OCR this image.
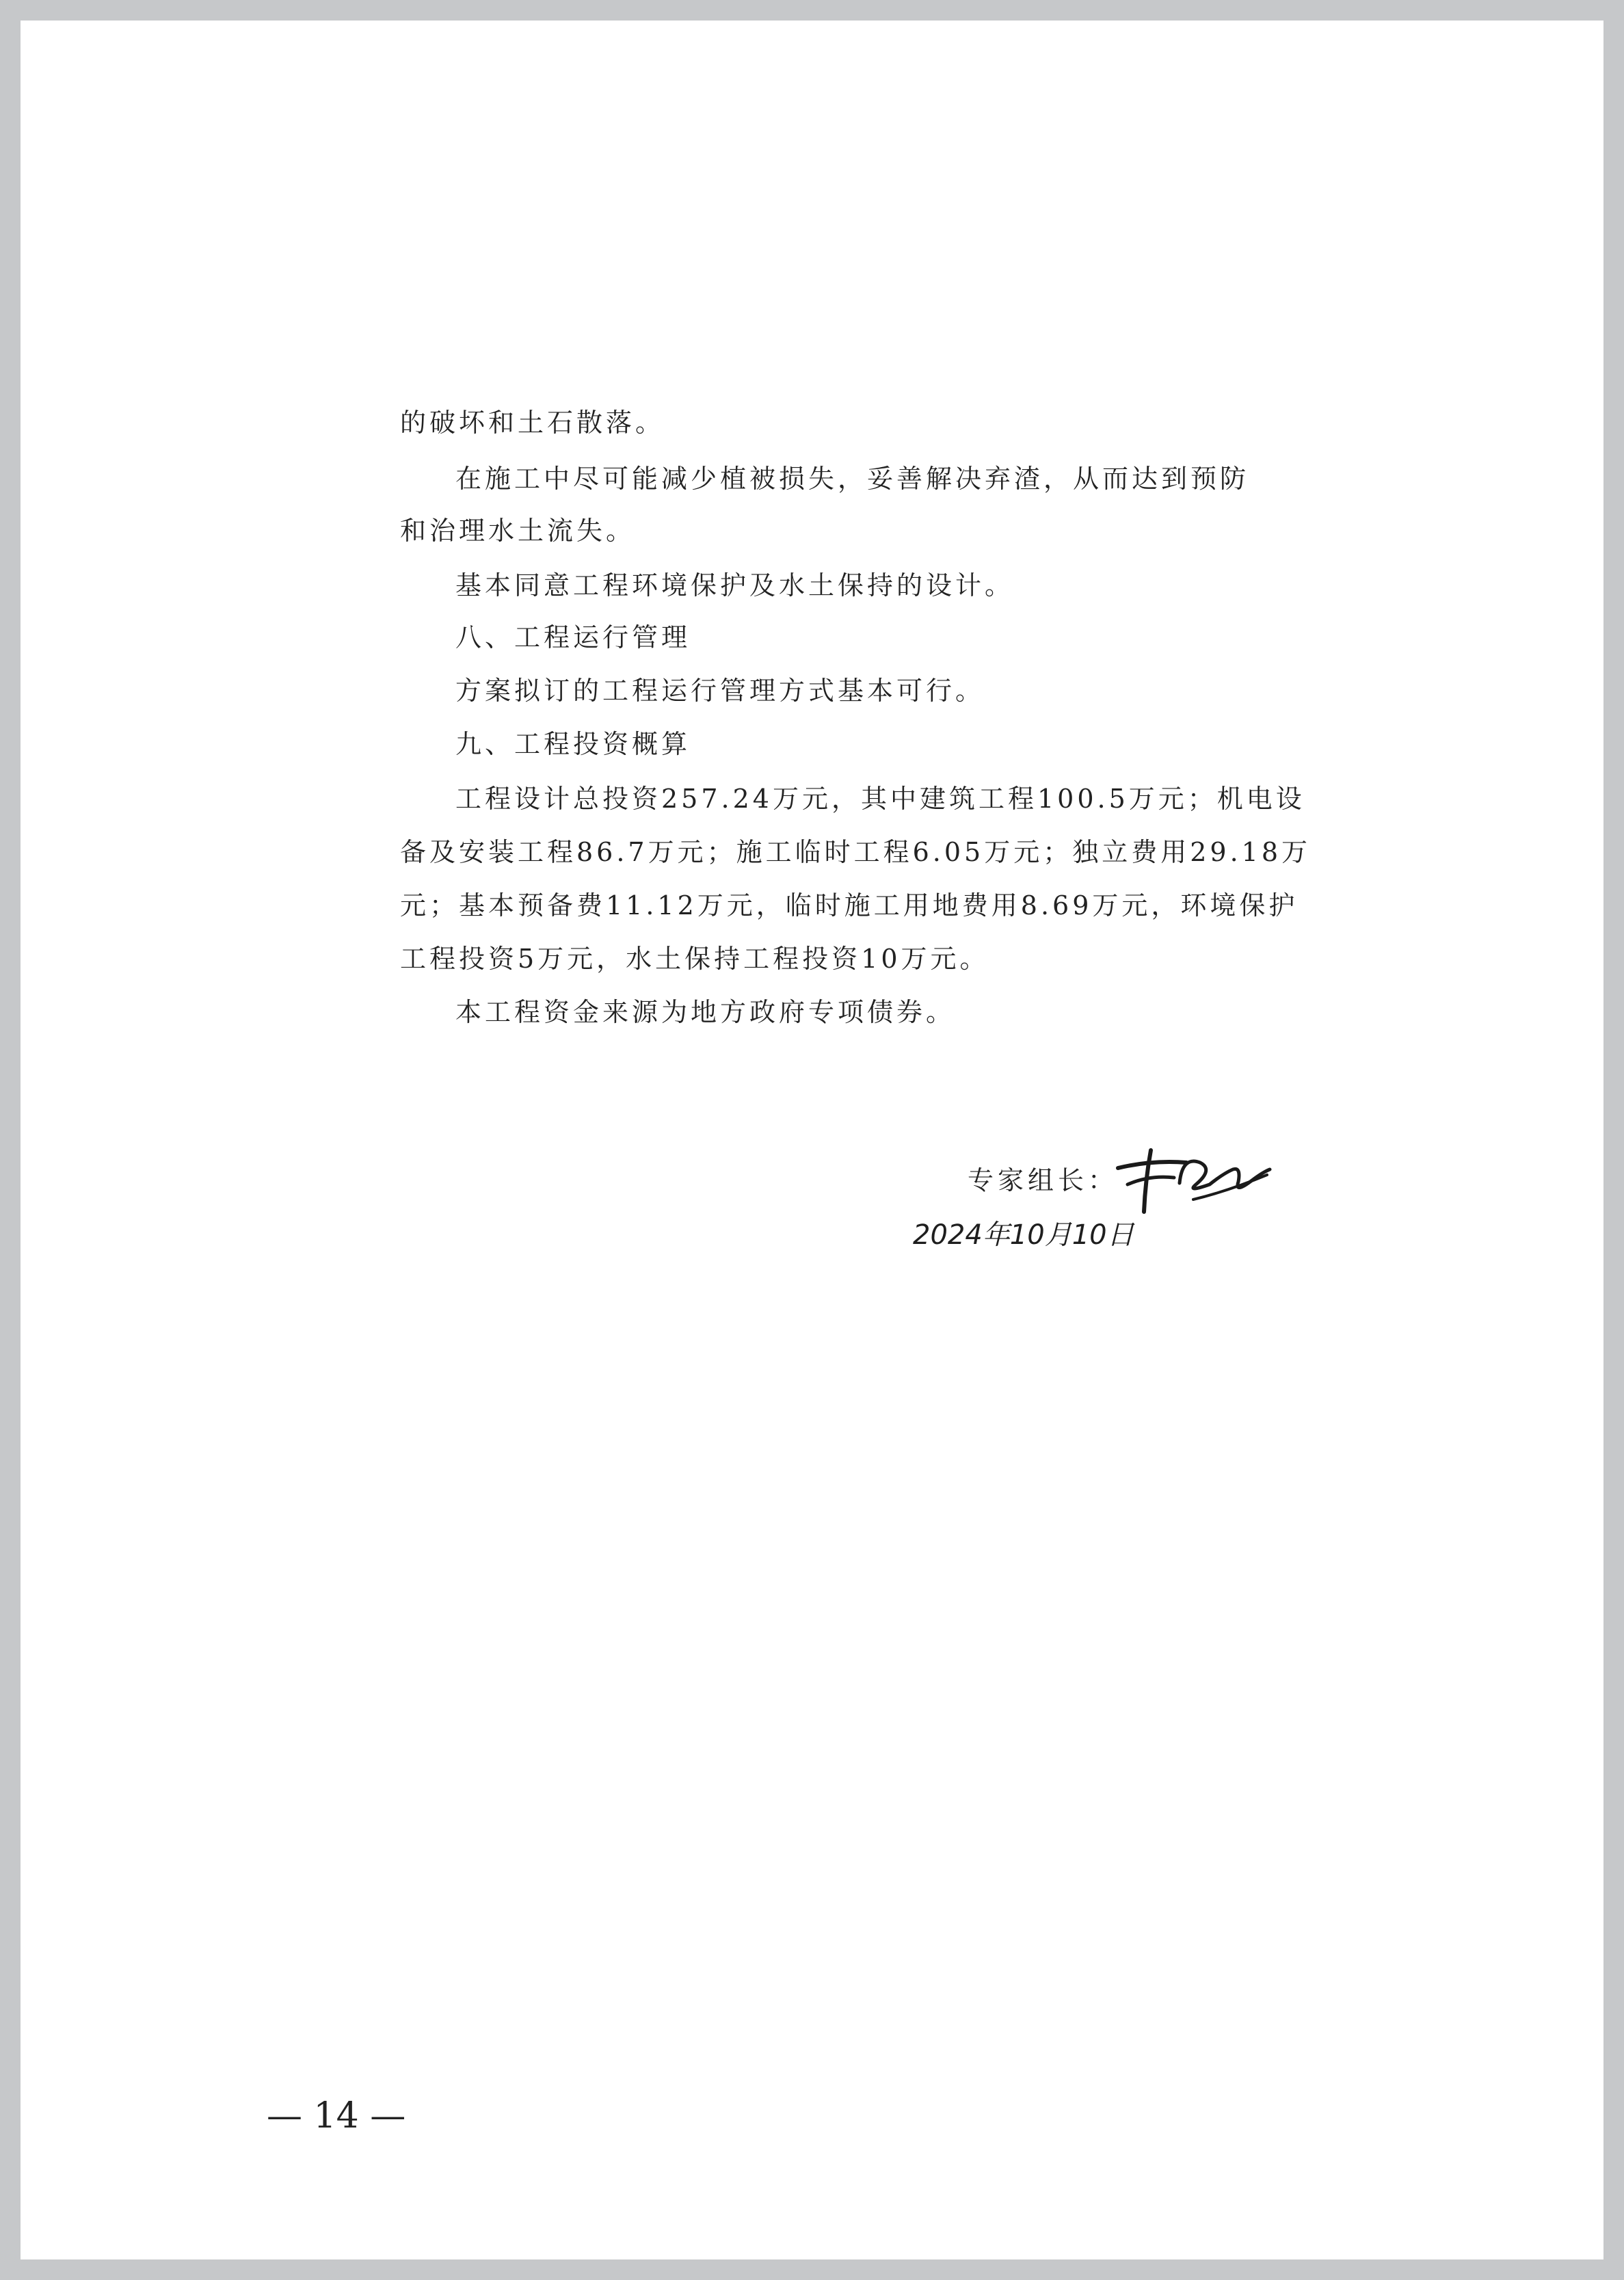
的破坏和土石散落。

在施工中尽可能减少植被损失，妥善解决弃渣，从而达到预防

和治理水土流失。

基本同意工程环境保护及水土保持的设计。

八、工程运行管理

方案拟订的工程运行管理方式基本可行。

九、工程投资概算

工程设计总投资257.24万元，其中建筑工程100.5万元；机电设

备及安装工程86.7万元；施工临时工程6.05万元；独立费用29.18万

元；基本预备费11.12万元，临时施工用地费用8.69万元，环境保护

工程投资5万元，水土保持工程投资10万元。

本工程资金来源为地方政府专项债券。

专家组长：

2024年10月10日

— 14 —
